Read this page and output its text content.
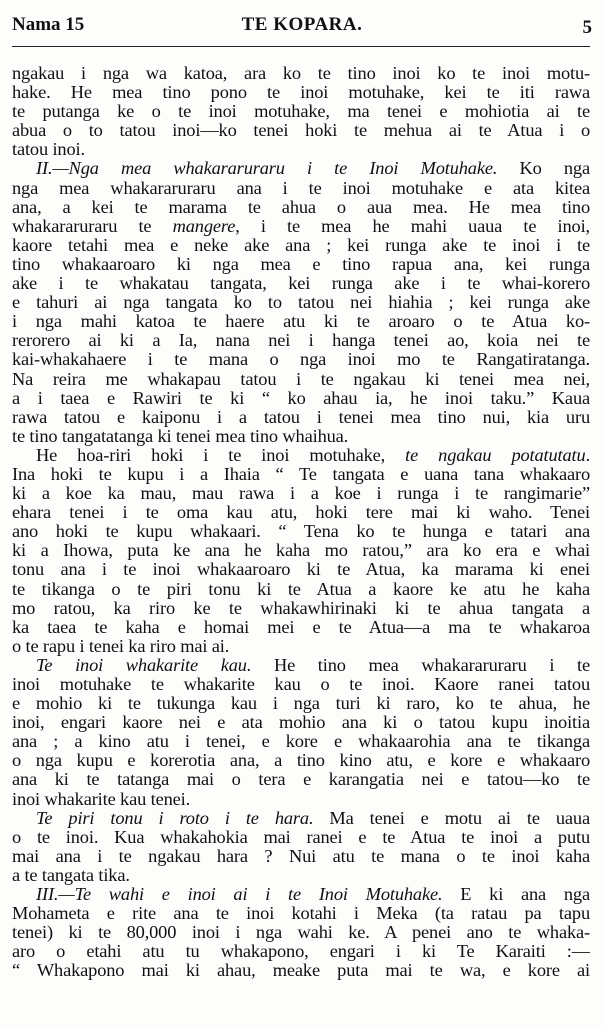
Nama 15	TE KOPARA.	5
ngakau i nga wa katoa, ara ko te tino inoi ko te inoi motu-
hake. He mea tino pono te inoi motuhake, kei te iti rawa
te putanga ke o te inoi motuhake, ma tenei e mohiotia ai te
abua o to tatou inoi—ko tenei hoki te mehua ai te Atua i o
tatou inoi.
II.—Nga mea whakararuraru i te Inoi Motuhake. Ko nga
nga mea whakararuraru ana i te inoi motuhake e ata kitea
ana, a kei te marama te ahua o aua mea. He mea tino
whakararuraru te mangere, i te mea he mahi uaua te inoi,
kaore tetahi mea e neke ake ana ; kei runga ake te inoi i te
tino whakaaroaro ki nga mea e tino rapua ana, kei runga
ake i te whakatau tangata, kei runga ake i te whai-korero
e tahuri ai nga tangata ko to tatou nei hiahia ; kei runga ake
i nga mahi katoa te haere atu ki te aroaro o te Atua ko-
rerorero ai ki a Ia, nana nei i hanga tenei ao, koia nei te
kai-whakahaere i te mana o nga inoi mo te Rangatiratanga.
Na reira me whakapau tatou i te ngakau ki tenei mea nei,
a i taea e Rawiri te ki “ ko ahau ia, he inoi taku.” Kaua
rawa tatou e kaiponu i a tatou i tenei mea tino nui, kia uru
te tino tangatatanga ki tenei mea tino whaihua.
He hoa-riri hoki i te inoi motuhake, te ngakau potatutatu.
Ina hoki te kupu i a Ihaia “ Te tangata e uana tana whakaaro
ki a koe ka mau, mau rawa i a koe i runga i te rangimarie”
ehara tenei i te oma kau atu, hoki tere mai ki waho. Tenei
ano hoki te kupu whakaari. “ Tena ko te hunga e tatari ana
ki a Ihowa, puta ke ana he kaha mo ratou,” ara ko era e whai
tonu ana i te inoi whakaaroaro ki te Atua, ka marama ki enei
te tikanga o te piri tonu ki te Atua a kaore ke atu he kaha
mo ratou, ka riro ke te whakawhirinaki ki te ahua tangata a
ka taea te kaha e homai mei e te Atua—a ma te whakaroa
o te rapu i tenei ka riro mai ai.
Te inoi whakarite kau. He tino mea whakararuraru i te
inoi motuhake te whakarite kau o te inoi. Kaore ranei tatou
e mohio ki te tukunga kau i nga turi ki raro, ko te ahua, he
inoi, engari kaore nei e ata mohio ana ki o tatou kupu inoitia
ana ; a kino atu i tenei, e kore e whakaarohia ana te tikanga
o nga kupu e korerotia ana, a tino kino atu, e kore e whakaaro
ana ki te tatanga mai o tera e karangatia nei e tatou—ko te
inoi whakarite kau tenei.
Te piri tonu i roto i te hara. Ma tenei e motu ai te uaua
o te inoi. Kua whakahokia mai ranei e te Atua te inoi a putu
mai ana i te ngakau hara ? Nui atu te mana o te inoi kaha
a te tangata tika.
III.—Te wahi e inoi ai i te Inoi Motuhake. E ki ana nga
Mohameta e rite ana te inoi kotahi i Meka (ta ratau pa tapu
tenei) ki te 80,000 inoi i nga wahi ke. A penei ano te whaka-
aro o etahi atu tu whakapono, engari i ki Te Karaiti :—
“ Whakapono mai ki ahau, meake puta mai te wa, e kore ai
